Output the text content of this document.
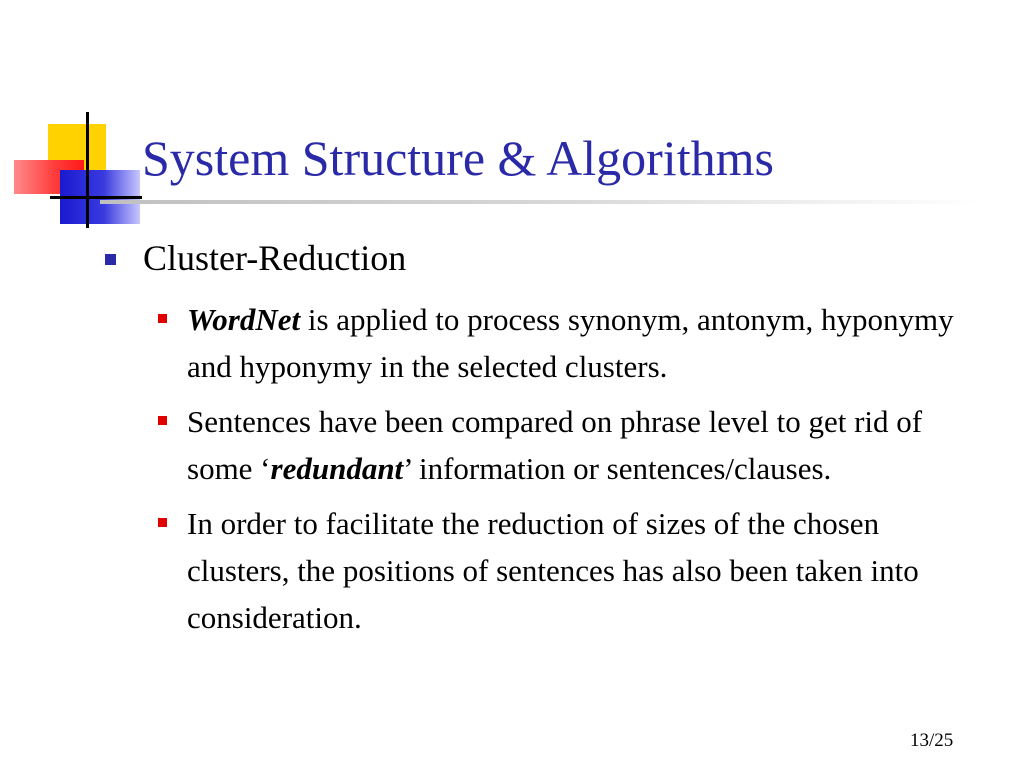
System Structure & Algorithms
Cluster-Reduction
WordNet is applied to process synonym, antonym, hyponymy and hyponymy in the selected clusters.
Sentences have been compared on phrase level to get rid of some ‘redundant’ information or sentences/clauses.
In order to facilitate the reduction of sizes of the chosen clusters, the positions of sentences has also been taken into consideration.
13/25
